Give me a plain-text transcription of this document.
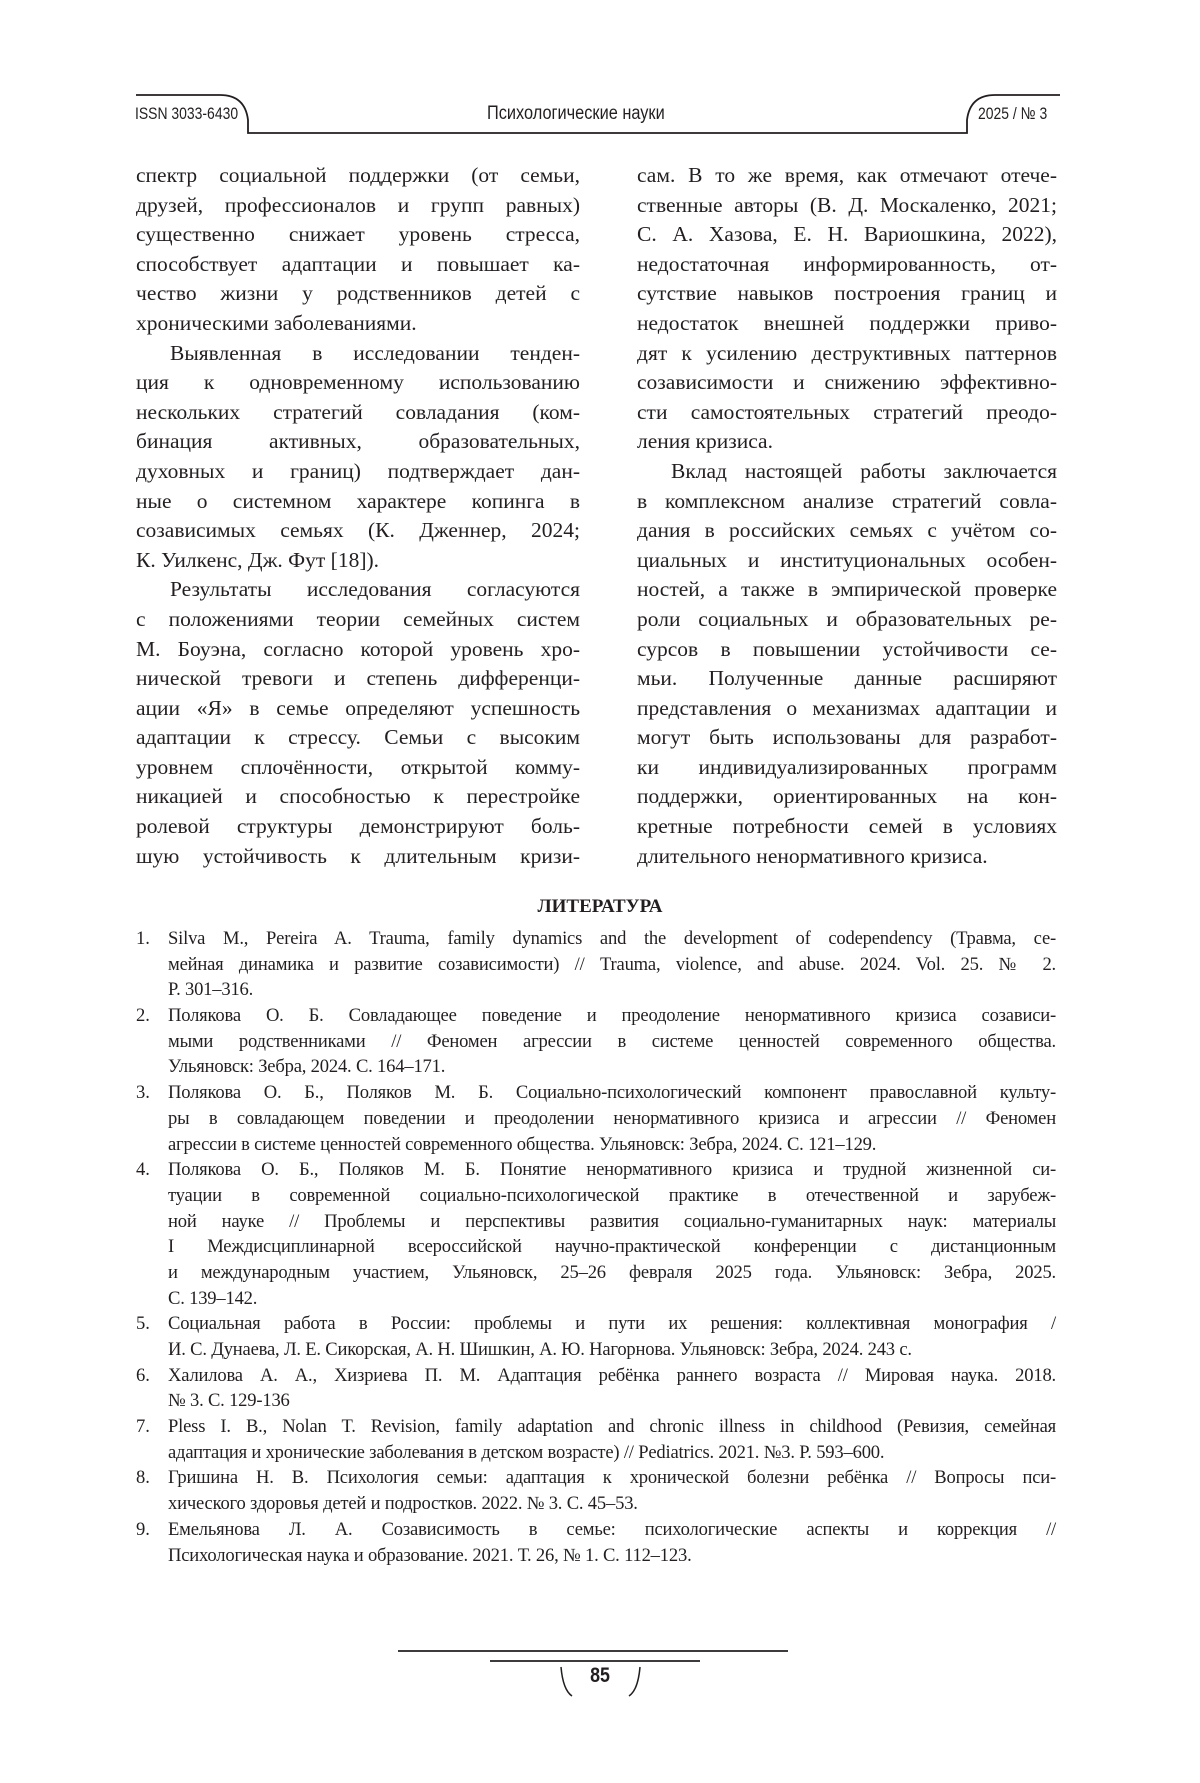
ISSN 3033-6430	Психологические науки	2025 / № 3
спектр социальной поддержки (от семьи,
друзей, профессионалов и групп равных)
существенно снижает уровень стресса,
способствует адаптации и повышает ка-
чество жизни у родственников детей с
хроническими заболеваниями.
Выявленная в исследовании тенден-
ция к одновременному использованию
нескольких стратегий совладания (ком-
бинация активных, образовательных,
духовных и границ) подтверждает дан-
ные о системном характере копинга в
созависимых семьях (К. Дженнер, 2024;
К. Уилкенс, Дж. Фут [18]).
Результаты исследования согласуются
с положениями теории семейных систем
М. Боуэна, согласно которой уровень хро-
нической тревоги и степень дифференци-
ации «Я» в семье определяют успешность
адаптации к стрессу. Семьи с высоким
уровнем сплочённости, открытой комму-
никацией и способностью к перестройке
ролевой структуры демонстрируют боль-
шую устойчивость к длительным кризи-
сам. В то же время, как отмечают отече-
ственные авторы (В. Д. Москаленко, 2021;
С. А. Хазова, Е. Н. Вариошкина, 2022),
недостаточная информированность, от-
сутствие навыков построения границ и
недостаток внешней поддержки приво-
дят к усилению деструктивных паттернов
созависимости и снижению эффективно-
сти самостоятельных стратегий преодо-
ления кризиса.
Вклад настоящей работы заключается
в комплексном анализе стратегий совла-
дания в российских семьях с учётом со-
циальных и институциональных особен-
ностей, а также в эмпирической проверке
роли социальных и образовательных ре-
сурсов в повышении устойчивости се-
мьи. Полученные данные расширяют
представления о механизмах адаптации и
могут быть использованы для разработ-
ки индивидуализированных программ
поддержки, ориентированных на кон-
кретные потребности семей в условиях
длительного ненормативного кризиса.
ЛИТЕРАТУРА
1. Silva M., Pereira A. Trauma, family dynamics and the development of codependency (Травма, се-
мейная динамика и развитие созависимости) // Trauma, violence, and abuse. 2024. Vol. 25. № 2.
P. 301–316.
2. Полякова О. Б. Совладающее поведение и преодоление ненормативного кризиса созависи-
мыми родственниками // Феномен агрессии в системе ценностей современного общества.
Ульяновск: Зебра, 2024. С. 164–171.
3. Полякова О. Б., Поляков М. Б. Социально-психологический компонент православной культу-
ры в совладающем поведении и преодолении ненормативного кризиса и агрессии // Феномен
агрессии в системе ценностей современного общества. Ульяновск: Зебра, 2024. С. 121–129.
4. Полякова О. Б., Поляков М. Б. Понятие ненормативного кризиса и трудной жизненной си-
туации в современной социально-психологической практике в отечественной и зарубеж-
ной науке // Проблемы и перспективы развития социально-гуманитарных наук: материалы
I Междисциплинарной всероссийской научно-практической конференции с дистанционным
и международным участием, Ульяновск, 25–26 февраля 2025 года. Ульяновск: Зебра, 2025.
С. 139–142.
5. Социальная работа в России: проблемы и пути их решения: коллективная монография /
И. С. Дунаева, Л. Е. Сикорская, А. Н. Шишкин, А. Ю. Нагорнова. Ульяновск: Зебра, 2024. 243 с.
6. Халилова А. А., Хизриева П. М. Адаптация ребёнка раннего возраста // Мировая наука. 2018.
№ 3. С. 129-136
7. Pless I. B., Nolan T. Revision, family adaptation and chronic illness in childhood (Ревизия, семейная
адаптация и хронические заболевания в детском возрасте) // Pediatrics. 2021. №3. P. 593–600.
8. Гришина Н. В. Психология семьи: адаптация к хронической болезни ребёнка // Вопросы пси-
хического здоровья детей и подростков. 2022. № 3. С. 45–53.
9. Емельянова Л. А. Созависимость в семье: психологические аспекты и коррекция //
Психологическая наука и образование. 2021. Т. 26, № 1. С. 112–123.
85
